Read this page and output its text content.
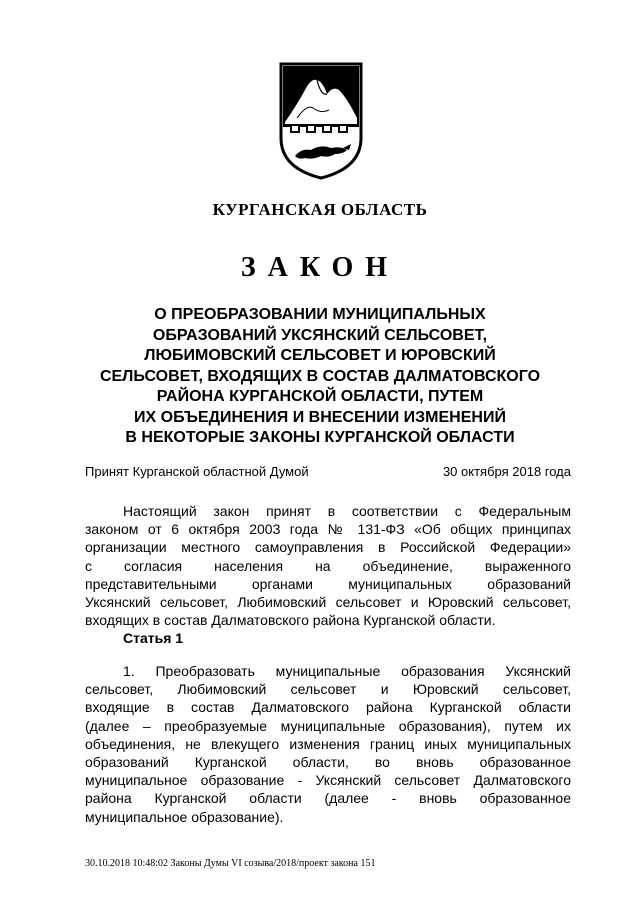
КУРГАНСКАЯ ОБЛАСТЬ
ЗАКОН
О ПРЕОБРАЗОВАНИИ МУНИЦИПАЛЬНЫХ
ОБРАЗОВАНИЙ УКСЯНСКИЙ СЕЛЬСОВЕТ,
ЛЮБИМОВСКИЙ СЕЛЬСОВЕТ И ЮРОВСКИЙ
СЕЛЬСОВЕТ, ВХОДЯЩИХ В СОСТАВ ДАЛМАТОВСКОГО
РАЙОНА КУРГАНСКОЙ ОБЛАСТИ, ПУТЕМ
ИХ ОБЪЕДИНЕНИЯ И ВНЕСЕНИИ ИЗМЕНЕНИЙ
В НЕКОТОРЫЕ ЗАКОНЫ КУРГАНСКОЙ ОБЛАСТИ
Принят Курганской областной Думой	30 октября 2018 года
Настоящий закон принят в соответствии с Федеральным
законом от 6 октября 2003 года № 131-ФЗ «Об общих принципах
организации местного самоуправления в Российской Федерации»
с согласия населения на объединение, выраженного
представительными органами муниципальных образований
Уксянский сельсовет, Любимовский сельсовет и Юровский сельсовет,
входящих в состав Далматовского района Курганской области.
Статья 1
1. Преобразовать муниципальные образования Уксянский
сельсовет, Любимовский сельсовет и Юровский сельсовет,
входящие в состав Далматовского района Курганской области
(далее – преобразуемые муниципальные образования), путем их
объединения, не влекущего изменения границ иных муниципальных
образований Курганской области, во вновь образованное
муниципальное образование - Уксянский сельсовет Далматовского
района Курганской области (далее - вновь образованное
муниципальное образование).
30.10.2018 10:48:02 Законы Думы VI созыва/2018/проект закона 151
